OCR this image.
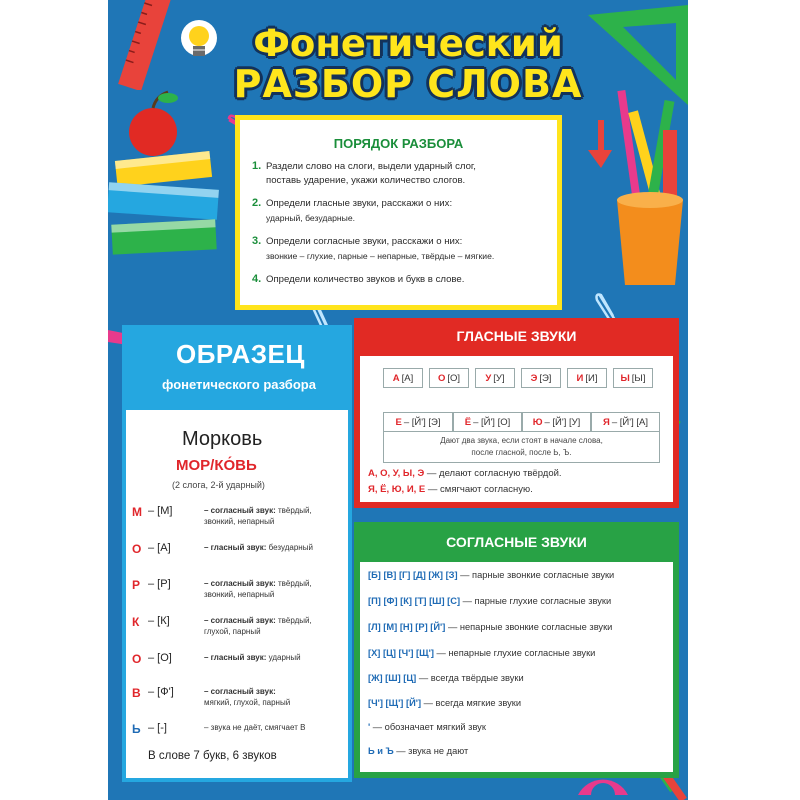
Фонетический
РАЗБОР СЛОВА
ПОРЯДОК РАЗБОРА
1. Раздели слово на слоги, выдели ударный слог,
поставь ударение, укажи количество слогов.
2. Определи гласные звуки, расскажи о них:
ударный, безударные.
3. Определи согласные звуки, расскажи о них:
звонкие – глухие, парные – непарные, твёрдые – мягкие.
4. Определи количество звуков и букв в слове.
ОБРАЗЕЦ
фонетического разбора
Морковь
МОР/КО́ВЬ
(2 слога, 2-й ударный)
М – [М]	– согласный звук: твёрдый,
звонкий, непарный
О – [А]	– гласный звук: безударный
Р – [Р]	– согласный звук: твёрдый,
звонкий, непарный
К – [К]	– согласный звук: твёрдый,
глухой, парный
О – [О]	– гласный звук: ударный
В – [Ф']	– согласный звук:
мягкий, глухой, парный
Ь – [-]	– звука не даёт, смягчает В
В слове 7 букв, 6 звуков
ГЛАСНЫЕ ЗВУКИ
А [А]	О [О]	У [У]	Э [Э]	И [И] Ы [Ы]
Е – [Й'] [Э]	Ё – [Й'] [О] Ю – [Й'] [У] Я – [Й'] [А]
Дают два звука, если стоят в начале слова,
после гласной, после Ь, Ъ.
А, О, У, Ы, Э — делают согласную твёрдой.
Я, Ё, Ю, И, Е — смягчают согласную.
СОГЛАСНЫЕ ЗВУКИ
[Б] [В] [Г] [Д] [Ж] [З] — парные звонкие согласные звуки
[П] [Ф] [К] [Т] [Ш] [С] — парные глухие согласные звуки
[Л] [М] [Н] [Р] [Й'] — непарные звонкие согласные звуки
[Х] [Ц] [Ч'] [Щ'] — непарные глухие согласные звуки
[Ж] [Ш] [Ц] — всегда твёрдые звуки
[Ч'] [Щ'] [Й'] — всегда мягкие звуки
' — обозначает мягкий звук
Ь и Ъ — звука не дают
